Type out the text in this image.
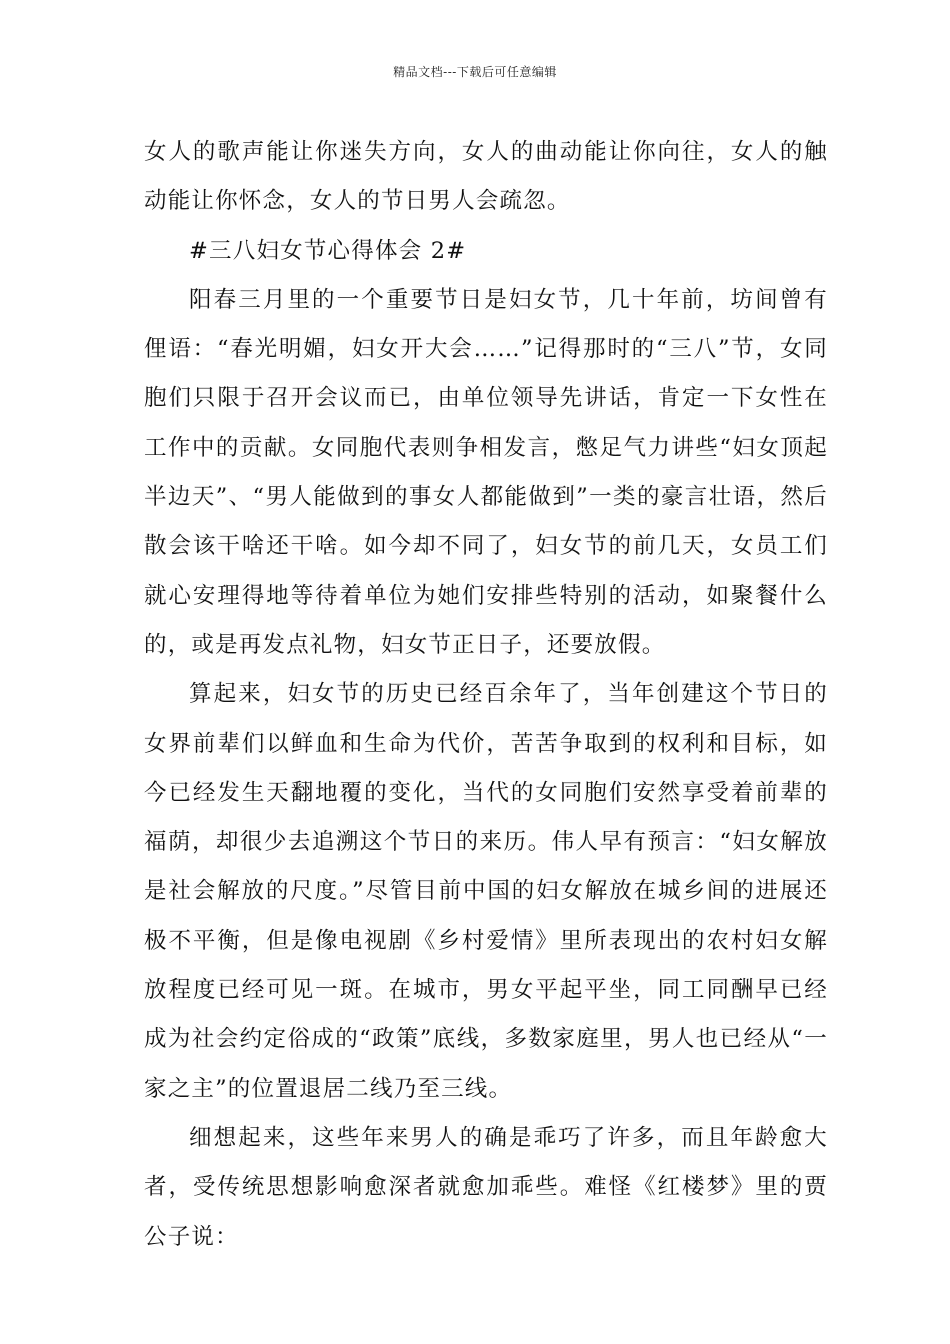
精品文档---下载后可任意编辑

女人的歌声能让你迷失方向，女人的曲动能让你向往，女人的触动能让你怀念，女人的节日男人会疏忽。

#三八妇女节心得体会 2#

阳春三月里的一个重要节日是妇女节，几十年前，坊间曾有俚语：“春光明媚，妇女开大会……”记得那时的“三八”节，女同胞们只限于召开会议而已，由单位领导先讲话，肯定一下女性在工作中的贡献。女同胞代表则争相发言，憋足气力讲些“妇女顶起半边天”、“男人能做到的事女人都能做到”一类的豪言壮语，然后散会该干啥还干啥。如今却不同了，妇女节的前几天，女员工们就心安理得地等待着单位为她们安排些特别的活动，如聚餐什么的，或是再发点礼物，妇女节正日子，还要放假。

算起来，妇女节的历史已经百余年了，当年创建这个节日的女界前辈们以鲜血和生命为代价，苦苦争取到的权利和目标，如今已经发生天翻地覆的变化，当代的女同胞们安然享受着前辈的福荫，却很少去追溯这个节日的来历。伟人早有预言：“妇女解放是社会解放的尺度。”尽管目前中国的妇女解放在城乡间的进展还极不平衡，但是像电视剧《乡村爱情》里所表现出的农村妇女解放程度已经可见一斑。在城市，男女平起平坐，同工同酬早已经成为社会约定俗成的“政策”底线，多数家庭里，男人也已经从“一家之主”的位置退居二线乃至三线。

细想起来，这些年来男人的确是乖巧了许多，而且年龄愈大者，受传统思想影响愈深者就愈加乖些。难怪《红楼梦》里的贾公子说：
